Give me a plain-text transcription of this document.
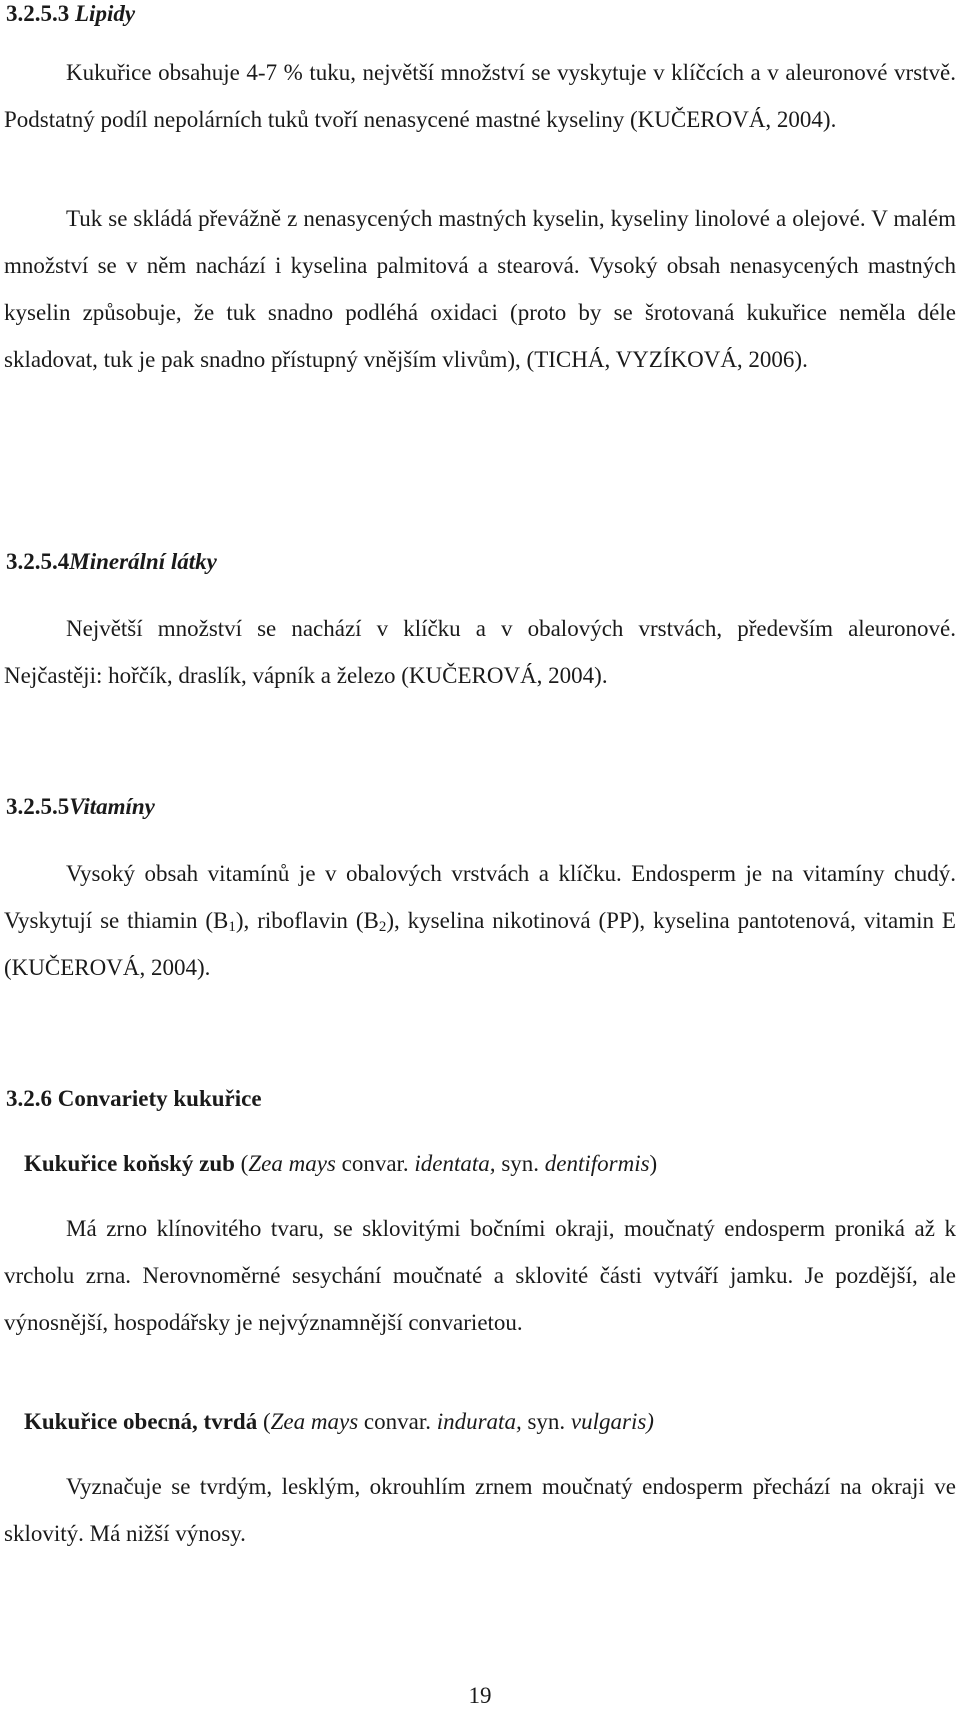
3.2.5.3 Lipidy

Kukuřice obsahuje 4-7 % tuku, největší množství se vyskytuje v klíčcích a v aleuronové vrstvě. Podstatný podíl nepolárních tuků tvoří nenasycené mastné kyseliny (KUČEROVÁ, 2004).

Tuk se skládá převážně z nenasycených mastných kyselin, kyseliny linolové a olejové. V malém množství se v něm nachází i kyselina palmitová a stearová. Vysoký obsah nenasycených mastných kyselin způsobuje, že tuk snadno podléhá oxidaci (proto by se šrotovaná kukuřice neměla déle skladovat, tuk je pak snadno přístupný vnějším vlivům), (TICHÁ, VYZÍKOVÁ, 2006).

3.2.5.4Minerální látky

Největší množství se nachází v klíčku a v obalových vrstvách, především aleuronové. Nejčastěji: hořčík, draslík, vápník a železo (KUČEROVÁ, 2004).

3.2.5.5Vitamíny

Vysoký obsah vitamínů je v obalových vrstvách a klíčku. Endosperm je na vitamíny chudý. Vyskytují se thiamin $(B_1)$, riboflavin $(B_2)$, kyselina nikotinová (PP), kyselina pantotenová, vitamin E (KUČEROVÁ, 2004).

3.2.6 Convariety kukuřice

Kukuřice koňský zub (Zea mays convar. identata, syn. dentiformis)

Má zrno klínovitého tvaru, se sklovitými bočními okraji, moučnatý endosperm proniká až k vrcholu zrna. Nerovnoměrné sesychání moučnaté a sklovité části vytváří jamku. Je pozdější, ale výnosnější, hospodářsky je nejvýznamnější convarietou.

Kukuřice obecná, tvrdá (Zea mays convar. indurata, syn. vulgaris)

Vyznačuje se tvrdým, lesklým, okrouhlím zrnem moučnatý endosperm přechází na okraji ve sklovitý. Má nižší výnosy.

19
